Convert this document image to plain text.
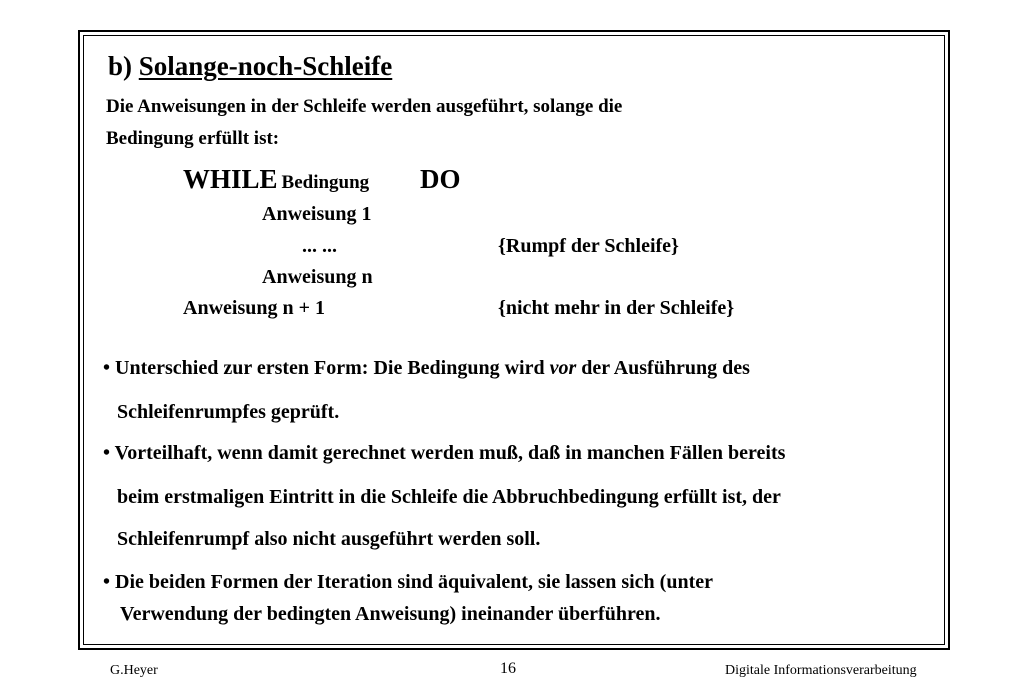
b) Solange-noch-Schleife
Die Anweisungen in der Schleife werden ausgeführt, solange die
Bedingung erfüllt ist:
WHILE Bedingung DO
Anweisung 1
... ...	{Rumpf der Schleife}
Anweisung n
Anweisung n + 1	{nicht mehr in der Schleife}
• Unterschied zur ersten Form: Die Bedingung wird vor der Ausführung des
Schleifenrumpfes geprüft.
• Vorteilhaft, wenn damit gerechnet werden muß, daß in manchen Fällen bereits
beim erstmaligen Eintritt in die Schleife die Abbruchbedingung erfüllt ist, der
Schleifenrumpf also nicht ausgeführt werden soll.
• Die beiden Formen der Iteration sind äquivalent, sie lassen sich (unter
Verwendung der bedingten Anweisung) ineinander überführen.
G.Heyer	16	Digitale Informationsverarbeitung
